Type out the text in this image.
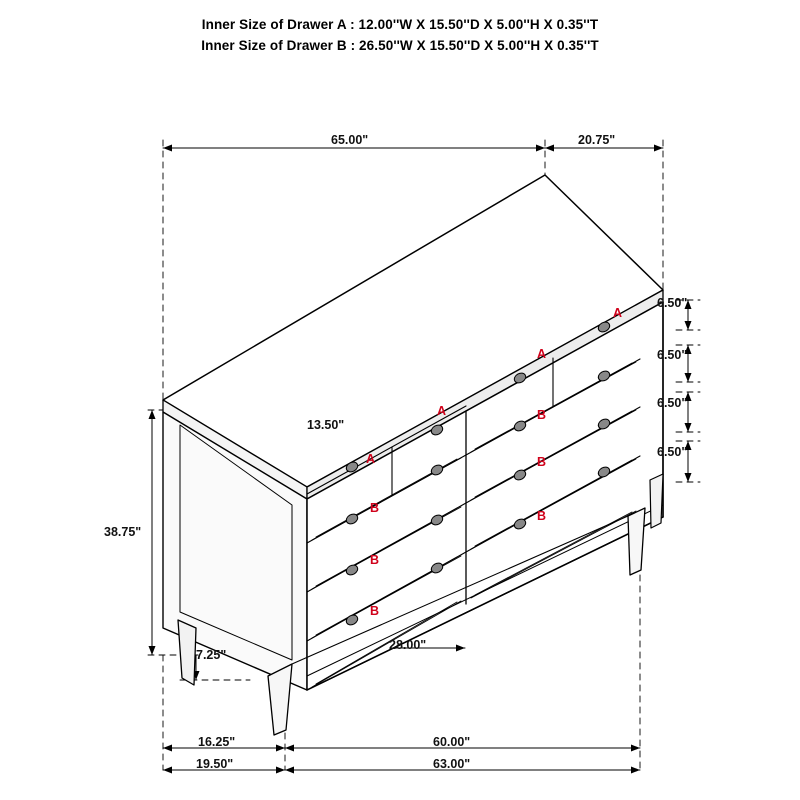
Inner Size of Drawer A : 12.00''W X 15.50''D X 5.00''H X 0.35''T
Inner Size of Drawer B : 26.50''W X 15.50''D X 5.00''H X 0.35''T
65.00"	20.75"
38.75"
7.25"
13.50"
28.00"
16.25"	60.00"
19.50"	63.00"
6.50"
6.50"
6.50"
6.50"
A
A
A
A
B
B
B
B
B
B
